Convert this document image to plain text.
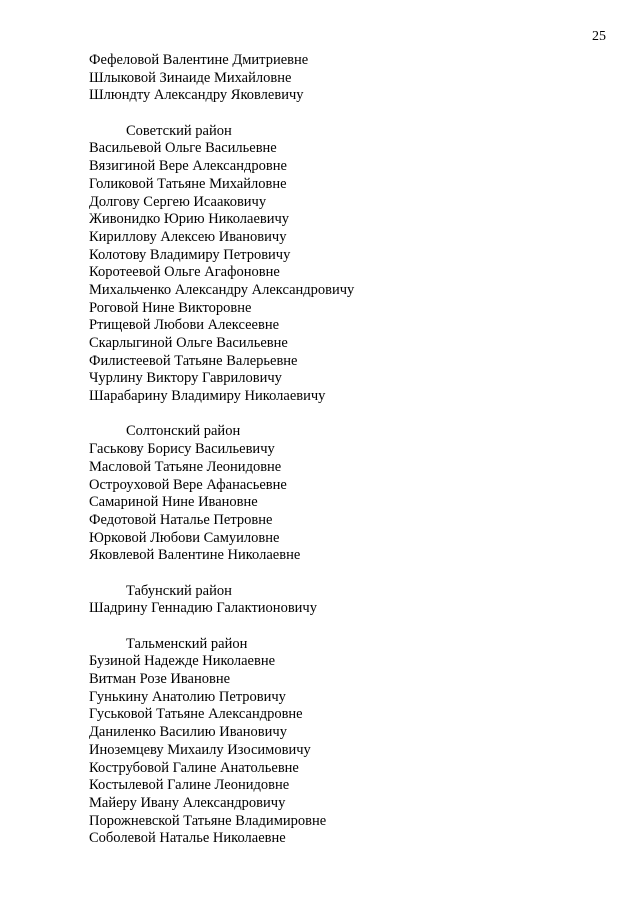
25
Фефеловой Валентине Дмитриевне
Шлыковой Зинаиде Михайловне
Шлюндту Александру Яковлевичу
Советский район
Васильевой Ольге Васильевне
Вязигиной Вере Александровне
Голиковой Татьяне Михайловне
Долгову Сергею Исааковичу
Живонидко Юрию Николаевичу
Кириллову Алексею Ивановичу
Колотову Владимиру Петровичу
Коротеевой Ольге Агафоновне
Михальченко Александру Александровичу
Роговой Нине Викторовне
Ртищевой Любови Алексеевне
Скарлыгиной Ольге Васильевне
Филистеевой Татьяне Валерьевне
Чурлину Виктору Гавриловичу
Шарабарину Владимиру Николаевичу
Солтонский район
Гаськову Борису Васильевичу
Масловой Татьяне Леонидовне
Остроуховой Вере Афанасьевне
Самариной Нине Ивановне
Федотовой Наталье Петровне
Юрковой Любови Самуиловне
Яковлевой Валентине Николаевне
Табунский район
Шадрину Геннадию Галактионовичу
Тальменский район
Бузиной Надежде Николаевне
Витман Розе Ивановне
Гунькину Анатолию Петровичу
Гуськовой Татьяне Александровне
Даниленко Василию Ивановичу
Иноземцеву Михаилу Изосимовичу
Кострубовой Галине Анатольевне
Костылевой Галине Леонидовне
Майеру Ивану Александровичу
Порожневской Татьяне Владимировне
Соболевой Наталье Николаевне
